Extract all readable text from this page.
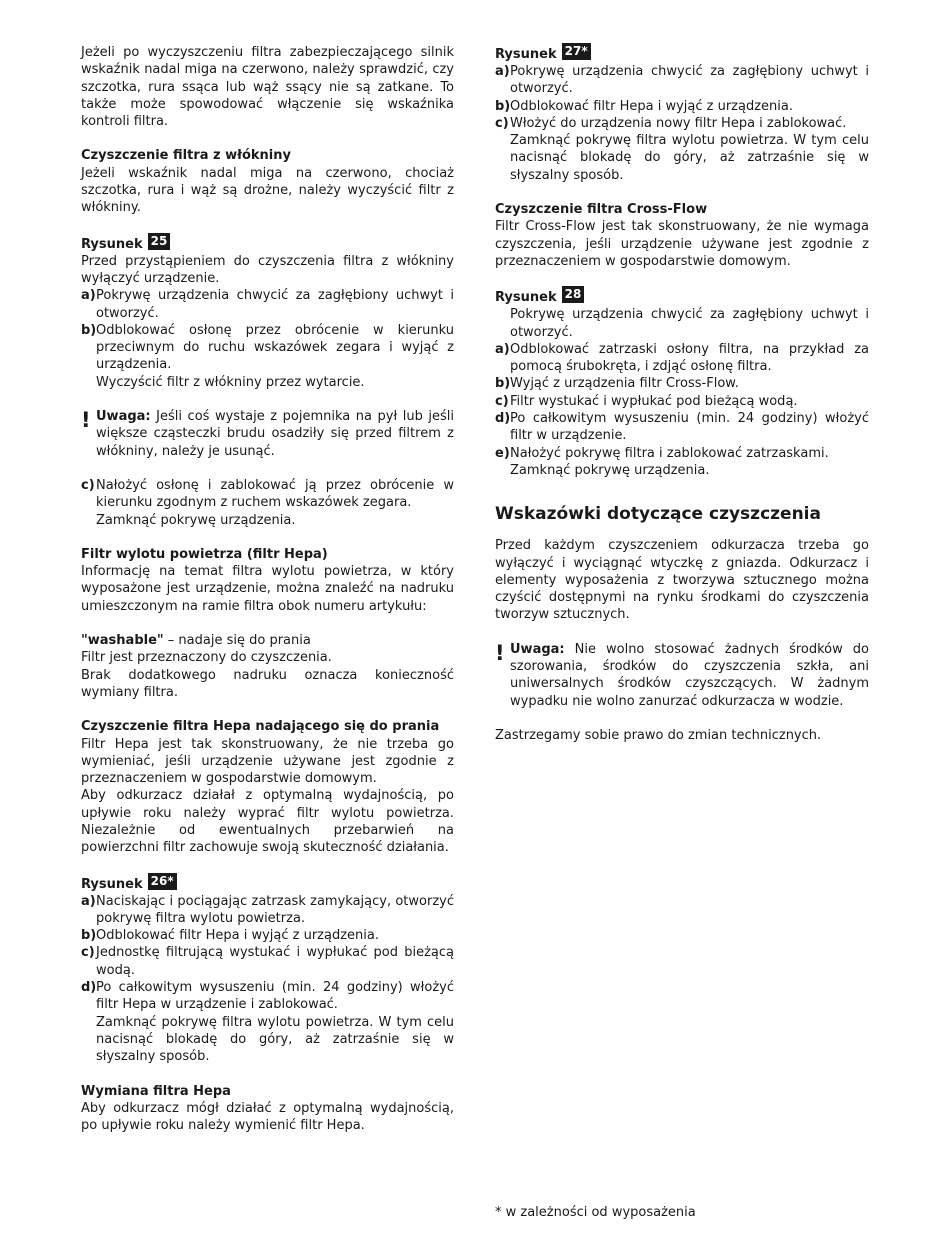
Jeżeli po wyczyszczeniu filtra zabezpieczającego silnik wskaźnik nadal miga na czerwono, należy sprawdzić, czy szczotka, rura ssąca lub wąż ssący nie są zatkane. To także może spowodować włączenie się wskaźnika kontroli filtra.

Czyszczenie filtra z włókniny

Jeżeli wskaźnik nadal miga na czerwono, chociaż szczotka, rura i wąż są drożne, należy wyczyścić filtr z włókniny.

Rysunek 25

Przed przystąpieniem do czyszczenia filtra z włókniny wyłączyć urządzenie.

a) Pokrywę urządzenia chwycić za zagłębiony uchwyt i otworzyć.
b) Odblokować osłonę przez obrócenie w kierunku przeciwnym do ruchu wskazówek zegara i wyjąć z urządzenia.

Wyczyścić filtr z włókniny przez wytarcie.

! Uwaga: Jeśli coś wystaje z pojemnika na pył lub jeśli większe cząsteczki brudu osadziły się przed filtrem z włókniny, należy je usunąć.

c) Nałożyć osłonę i zablokować ją przez obrócenie w kierunku zgodnym z ruchem wskazówek zegara.

Zamknąć pokrywę urządzenia.

Filtr wylotu powietrza (filtr Hepa)

Informację na temat filtra wylotu powietrza, w który wyposażone jest urządzenie, można znaleźć na nadruku umieszczonym na ramie filtra obok numeru artykułu:

"washable" – nadaje się do prania

Filtr jest przeznaczony do czyszczenia.

Brak dodatkowego nadruku oznacza konieczność wymiany filtra.

Czyszczenie filtra Hepa nadającego się do prania

Filtr Hepa jest tak skonstruowany, że nie trzeba go wymieniać, jeśli urządzenie używane jest zgodnie z przeznaczeniem w gospodarstwie domowym.

Aby odkurzacz działał z optymalną wydajnością, po upływie roku należy wyprać filtr wylotu powietrza. Niezależnie od ewentualnych przebarwień na powierzchni filtr zachowuje swoją skuteczność działania.

Rysunek 26*
a) Naciskając i pociągając zatrzask zamykający, otworzyć pokrywę filtra wylotu powietrza.
b) Odblokować filtr Hepa i wyjąć z urządzenia.
c) Jednostkę filtrującą wystukać i wypłukać pod bieżącą wodą.
d) Po całkowitym wysuszeniu (min. 24 godziny) włożyć filtr Hepa w urządzenie i zablokować.

Zamknąć pokrywę filtra wylotu powietrza. W tym celu nacisnąć blokadę do góry, aż zatrzaśnie się w słyszalny sposób.

Wymiana filtra Hepa

Aby odkurzacz mógł działać z optymalną wydajnością, po upływie roku należy wymienić filtr Hepa.

Rysunek 27*
a) Pokrywę urządzenia chwycić za zagłębiony uchwyt i otworzyć.
b) Odblokować filtr Hepa i wyjąć z urządzenia.
c) Włożyć do urządzenia nowy filtr Hepa i zablokować.

Zamknąć pokrywę filtra wylotu powietrza. W tym celu nacisnąć blokadę do góry, aż zatrzaśnie się w słyszalny sposób.

Czyszczenie filtra Cross-Flow

Filtr Cross-Flow jest tak skonstruowany, że nie wymaga czyszczenia, jeśli urządzenie używane jest zgodnie z przeznaczeniem w gospodarstwie domowym.

Rysunek 28

Pokrywę urządzenia chwycić za zagłębiony uchwyt i otworzyć.

a) Odblokować zatrzaski osłony filtra, na przykład za pomocą śrubokręta, i zdjąć osłonę filtra.
b) Wyjąć z urządzenia filtr Cross-Flow.
c) Filtr wystukać i wypłukać pod bieżącą wodą.
d) Po całkowitym wysuszeniu (min. 24 godziny) włożyć filtr w urządzenie.
e) Nałożyć pokrywę filtra i zablokować zatrzaskami.

Zamknąć pokrywę urządzenia.

Wskazówki dotyczące czyszczenia

Przed każdym czyszczeniem odkurzacza trzeba go wyłączyć i wyciągnąć wtyczkę z gniazda. Odkurzacz i elementy wyposażenia z tworzywa sztucznego można czyścić dostępnymi na rynku środkami do czyszczenia tworzyw sztucznych.

! Uwaga: Nie wolno stosować żadnych środków do szorowania, środków do czyszczenia szkła, ani uniwersalnych środków czyszczących. W żadnym wypadku nie wolno zanurzać odkurzacza w wodzie.

Zastrzegamy sobie prawo do zmian technicznych.

* w zależności od wyposażenia
